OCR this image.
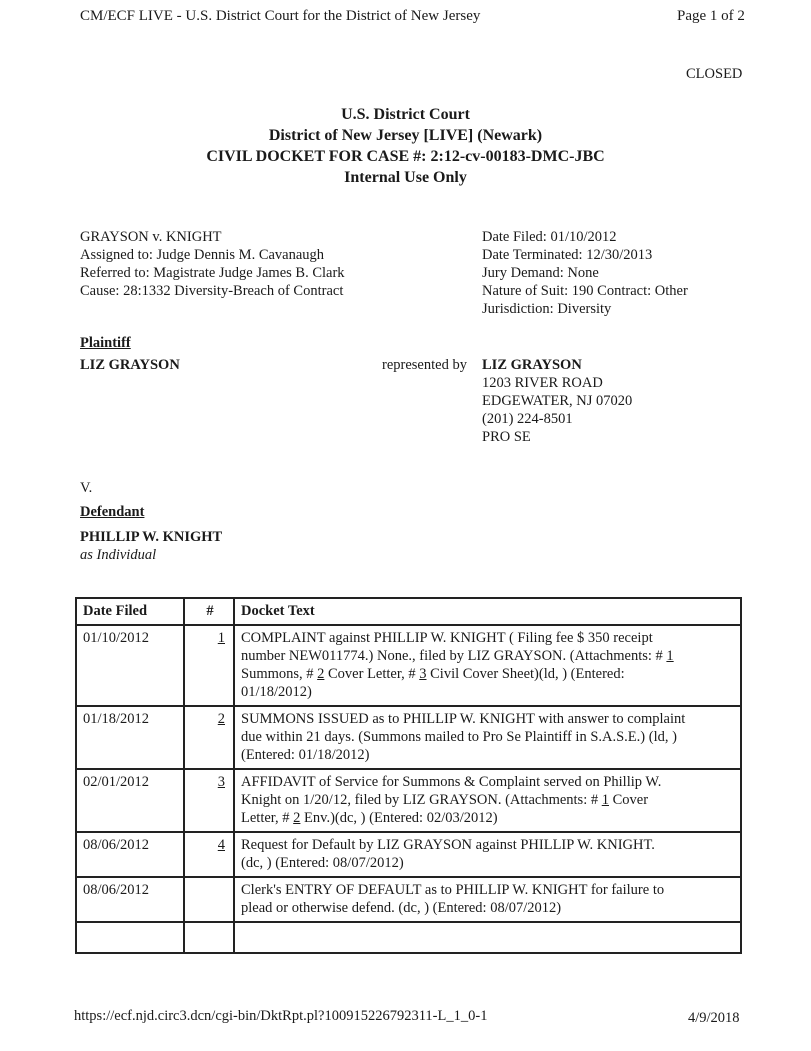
CM/ECF LIVE - U.S. District Court for the District of New Jersey	Page 1 of 2
CLOSED
U.S. District Court
District of New Jersey [LIVE] (Newark)
CIVIL DOCKET FOR CASE #: 2:12-cv-00183-DMC-JBC
Internal Use Only
GRAYSON v. KNIGHT
Assigned to: Judge Dennis M. Cavanaugh
Referred to: Magistrate Judge James B. Clark
Cause: 28:1332 Diversity-Breach of Contract
Date Filed: 01/10/2012
Date Terminated: 12/30/2013
Jury Demand: None
Nature of Suit: 190 Contract: Other
Jurisdiction: Diversity
Plaintiff
LIZ GRAYSON	represented by LIZ GRAYSON
1203 RIVER ROAD
EDGEWATER, NJ 07020
(201) 224-8501
PRO SE
V.
Defendant
PHILLIP W. KNIGHT
as Individual
Date Filed	#	Docket Text
01/10/2012	1	COMPLAINT against PHILLIP W. KNIGHT ( Filing fee $ 350 receipt
number NEW011774.) None., filed by LIZ GRAYSON. (Attachments: # 1
Summons, # 2 Cover Letter, # 3 Civil Cover Sheet)(ld, ) (Entered:
01/18/2012)

01/18/2012	2	SUMMONS ISSUED as to PHILLIP W. KNIGHT with answer to complaint
due within 21 days. (Summons mailed to Pro Se Plaintiff in S.A.S.E.) (ld, )
(Entered: 01/18/2012)

02/01/2012	3	AFFIDAVIT of Service for Summons & Complaint served on Phillip W.
Knight on 1/20/12, filed by LIZ GRAYSON. (Attachments: # 1 Cover
Letter, # 2 Env.)(dc, ) (Entered: 02/03/2012)

08/06/2012	4	Request for Default by LIZ GRAYSON against PHILLIP W. KNIGHT.
(dc, ) (Entered: 08/07/2012)

08/06/2012		Clerk's ENTRY OF DEFAULT as to PHILLIP W. KNIGHT for failure to
plead or otherwise defend. (dc, ) (Entered: 08/07/2012)

https://ecf.njd.circ3.dcn/cgi-bin/DktRpt.pl?100915226792311-L_1_0-1	4/9/2018
